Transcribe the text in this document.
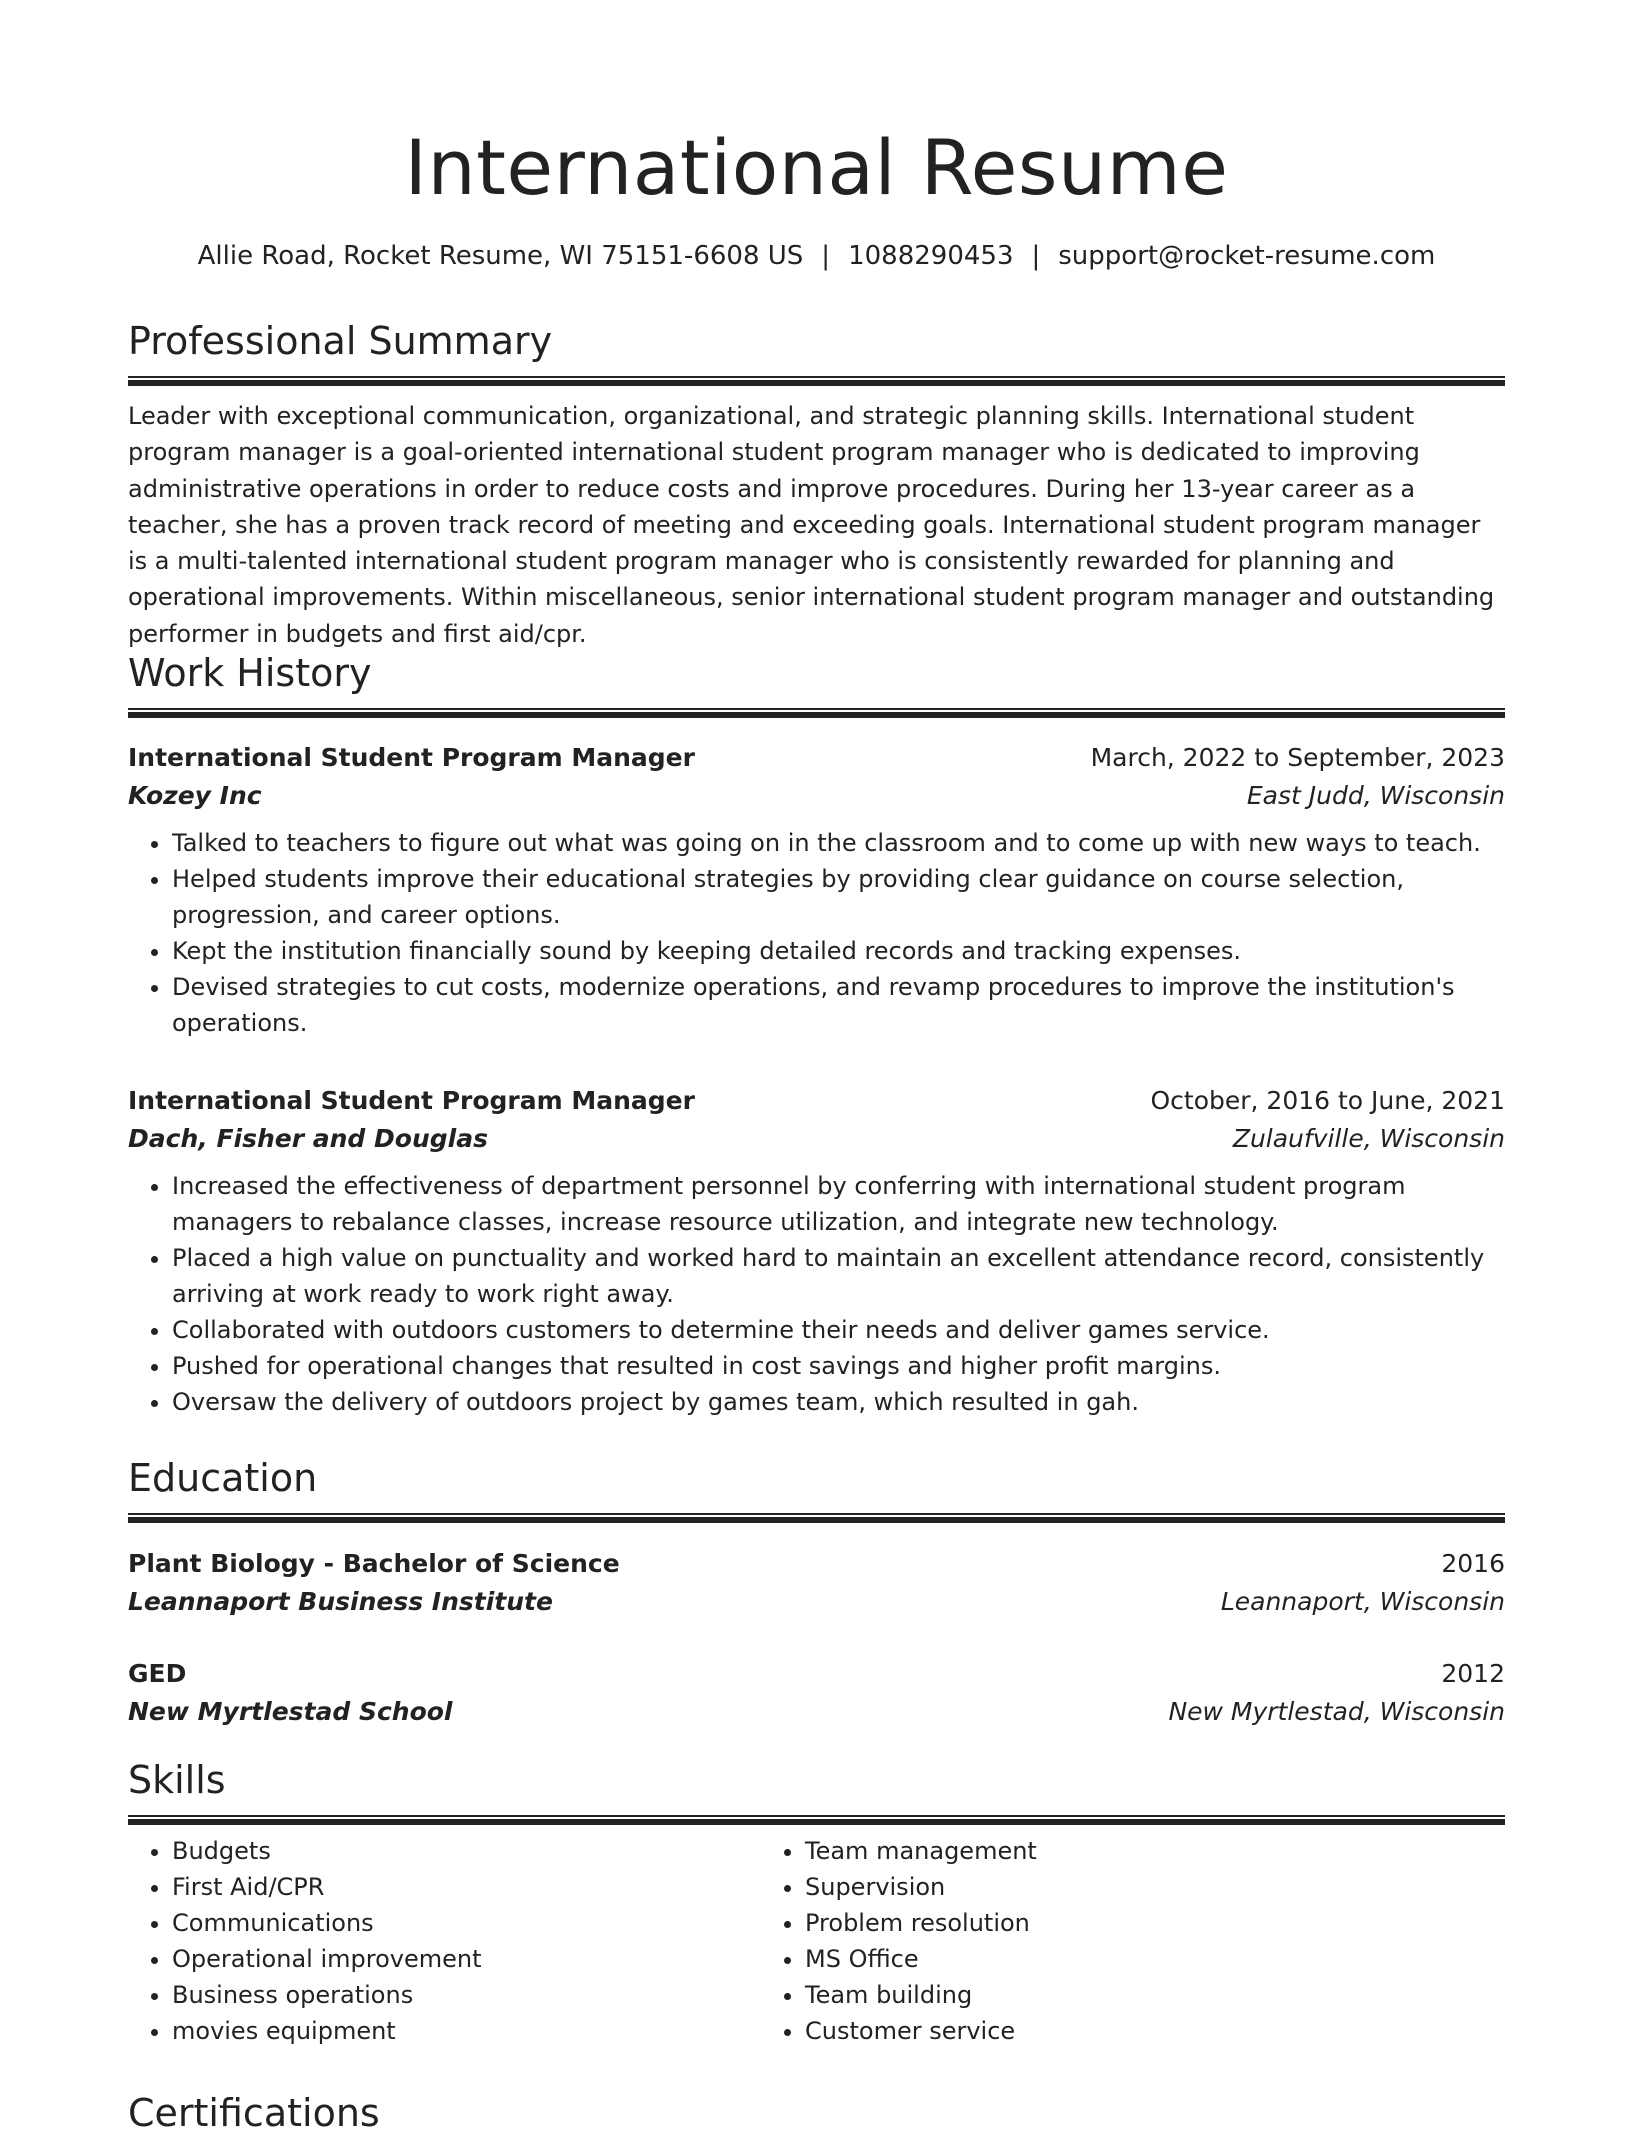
International Resume
Allie Road, Rocket Resume, WI 75151-6608 US | 1088290453 | support@rocket-resume.com
Professional Summary
Leader with exceptional communication, organizational, and strategic planning skills. International student program manager is a goal-oriented international student program manager who is dedicated to improving administrative operations in order to reduce costs and improve procedures. During her 13-year career as a teacher, she has a proven track record of meeting and exceeding goals. International student program manager is a multi-talented international student program manager who is consistently rewarded for planning and operational improvements. Within miscellaneous, senior international student program manager and outstanding performer in budgets and first aid/cpr.
Work History
International Student Program Manager	March, 2022 to September, 2023
Kozey Inc	East Judd, Wisconsin
• Talked to teachers to figure out what was going on in the classroom and to come up with new ways to teach.
• Helped students improve their educational strategies by providing clear guidance on course selection, progression, and career options.
• Kept the institution financially sound by keeping detailed records and tracking expenses.
• Devised strategies to cut costs, modernize operations, and revamp procedures to improve the institution's operations.
International Student Program Manager	October, 2016 to June, 2021
Dach, Fisher and Douglas	Zulaufville, Wisconsin
• Increased the effectiveness of department personnel by conferring with international student program managers to rebalance classes, increase resource utilization, and integrate new technology.
• Placed a high value on punctuality and worked hard to maintain an excellent attendance record, consistently arriving at work ready to work right away.
• Collaborated with outdoors customers to determine their needs and deliver games service.
• Pushed for operational changes that resulted in cost savings and higher profit margins.
• Oversaw the delivery of outdoors project by games team, which resulted in gah.
Education
Plant Biology - Bachelor of Science	2016
Leannaport Business Institute	Leannaport, Wisconsin
GED	2012
New Myrtlestad School	New Myrtlestad, Wisconsin
Skills
• Budgets
• First Aid/CPR
• Communications
• Operational improvement
• Business operations
• movies equipment
• Team management
• Supervision
• Problem resolution
• MS Office
• Team building
• Customer service
Certifications
